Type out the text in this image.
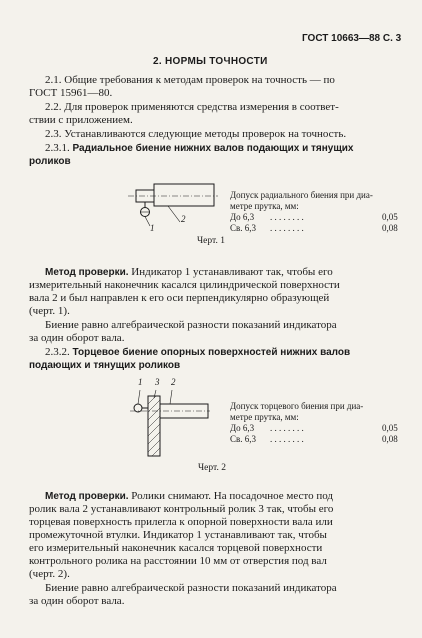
ГОСТ 10663—88 С. 3
2. НОРМЫ ТОЧНОСТИ
2.1. Общие требования к методам проверок на точность — по
ГОСТ 15961—80.
2.2. Для проверок применяются средства измерения в соответ-
ствии с приложением.
2.3. Устанавливаются следующие методы проверок на точность.
2.3.1. Радиальное биение нижних валов подающих и тянущих
роликов
1
2
Допуск радиального биения при диа-
метре прутка, мм:
До 6,3 . . . . . . . .	0,05
Св. 6,3 . . . . . . . .	0,08
Черт. 1
Метод проверки. Индикатор 1 устанавливают так, чтобы его
измерительный наконечник касался цилиндрической поверхности
вала 2 и был направлен к его оси перпендикулярно образующей
(черт. 1).
Биение равно алгебраической разности показаний индикатора
за один оборот вала.
2.3.2. Торцевое биение опорных поверхностей нижних валов
подающих и тянущих роликов
1 3 2
Допуск торцевого биения при диа-
метре прутка, мм:
До 6,3 . . . . . . . .	0,05
Св. 6,3 . . . . . . . .	0,08
Черт. 2
Метод проверки. Ролики снимают. На посадочное место под
ролик вала 2 устанавливают контрольный ролик 3 так, чтобы его
торцевая поверхность прилегла к опорной поверхности вала или
промежуточной втулки. Индикатор 1 устанавливают так, чтобы
его измерительный наконечник касался торцевой поверхности
контрольного ролика на расстоянии 10 мм от отверстия под вал
(черт. 2).
Биение равно алгебраической разности показаний индикатора
за один оборот вала.
